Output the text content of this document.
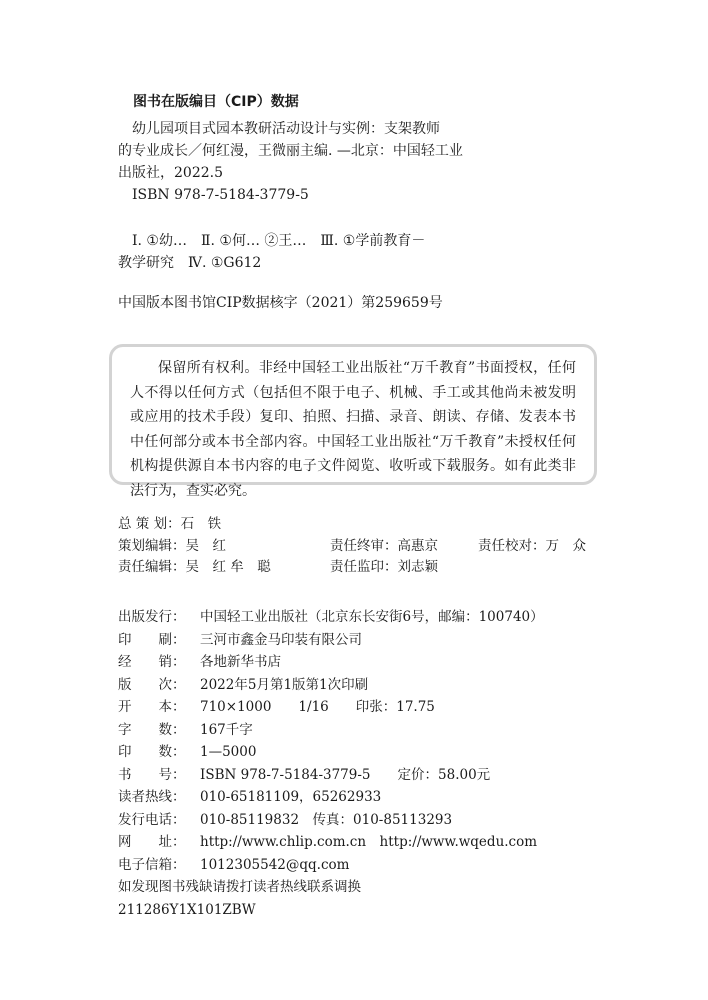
图书在版编目（CIP）数据
幼儿园项目式园本教研活动设计与实例：支架教师
的专业成长／何红漫，王微丽主编. —北京：中国轻工业
出版社，2022.5
ISBN 978-7-5184-3779-5
Ⅰ. ①幼…　Ⅱ. ①何… ②王…　Ⅲ. ①学前教育－
教学研究　Ⅳ. ①G612
中国版本图书馆CIP数据核字（2021）第259659号

保留所有权利。非经中国轻工业出版社“万千教育”书面授权，任何人不得以任何方式（包括但不限于电子、机械、手工或其他尚未被发明或应用的技术手段）复印、拍照、扫描、录音、朗读、存储、发表本书中任何部分或本书全部内容。中国轻工业出版社“万千教育”未授权任何机构提供源自本书内容的电子文件阅览、收听或下载服务。如有此类非法行为，查实必究。

总 策 划：石　铁
策划编辑：吴　红	责任终审：高惠京	责任校对：万　众
责任编辑：吴　红 牟　聪	责任监印：刘志颖
出版发行： 中国轻工业出版社（北京东长安街6号，邮编：100740）
印　　刷： 三河市鑫金马印装有限公司
经　　销： 各地新华书店
版　　次： 2022年5月第1版第1次印刷
开　　本： 710×1000　　1/16　　印张：17.75
字　　数： 167千字
印　　数： 1—5000
书　　号： ISBN 978-7-5184-3779-5　　定价：58.00元
读者热线： 010-65181109，65262933
发行电话： 010-85119832　传真：010-85113293
网　　址： http://www.chlip.com.cn　http://www.wqedu.com
电子信箱： 1012305542@qq.com
如发现图书残缺请拨打读者热线联系调换
211286Y1X101ZBW
